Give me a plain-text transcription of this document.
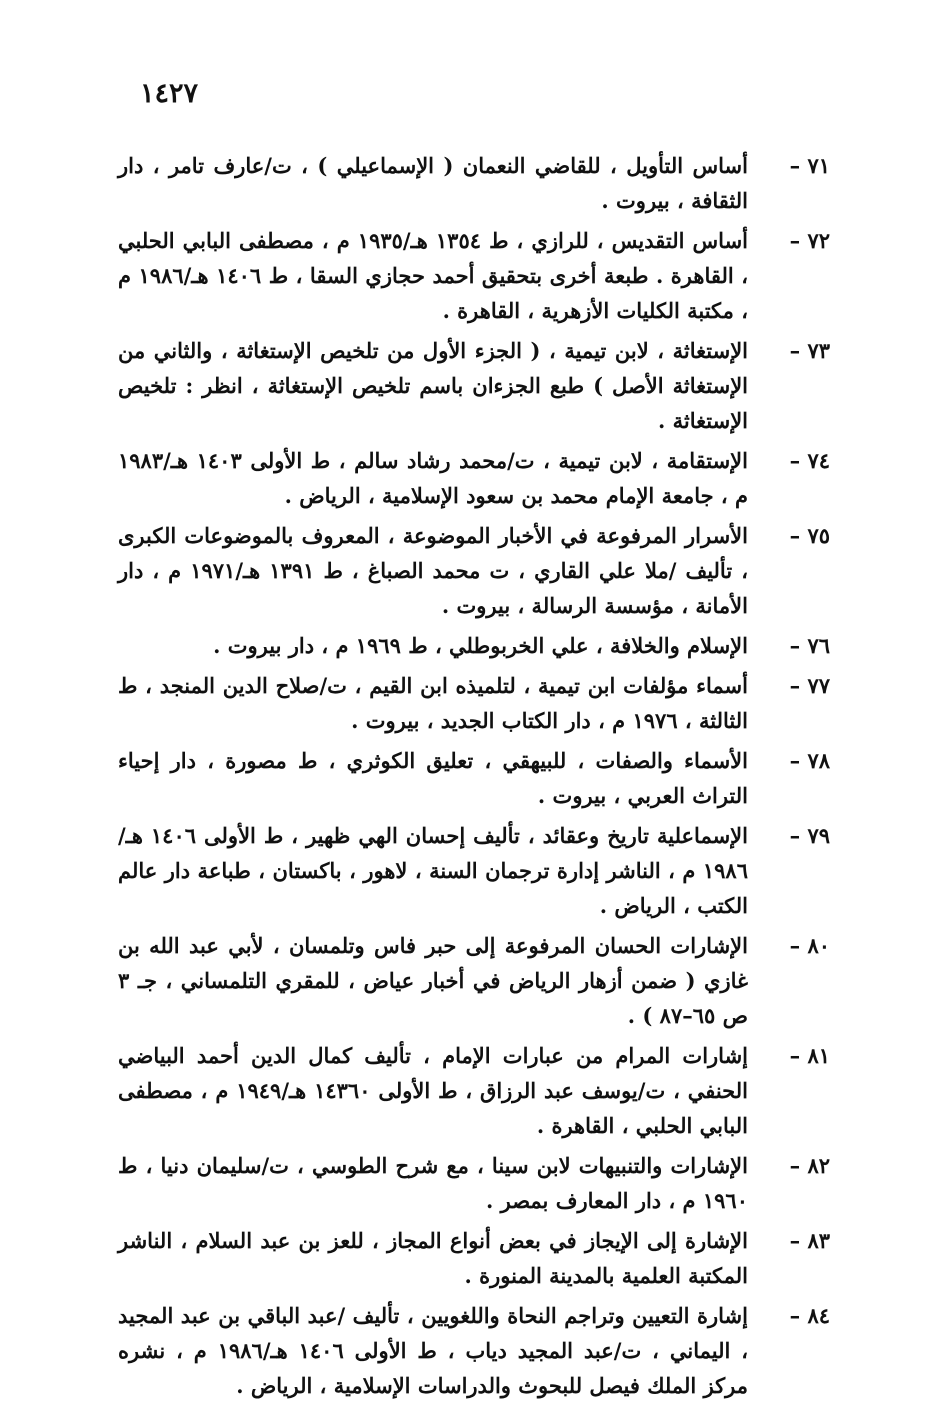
١٤٢٧
٧١ –
أساس التأويل ، للقاضي النعمان ( الإسماعيلي ) ، ت/عارف تامر ، دار الثقافة ، بيروت .
٧٢ –
أساس التقديس ، للرازي ، ط ١٣٥٤ هـ/١٩٣٥ م ، مصطفى البابي الحلبي ، القاهرة . طبعة أخرى بتحقيق أحمد حجازي السقا ، ط ١٤٠٦ هـ/١٩٨٦ م ، مكتبة الكليات الأزهرية ، القاهرة .
٧٣ –
الإستغاثة ، لابن تيمية ، ( الجزء الأول من تلخيص الإستغاثة ، والثاني من الإستغاثة الأصل ) طبع الجزءان باسم تلخيص الإستغاثة ، انظر : تلخيص الإستغاثة .
٧٤ –
الإستقامة ، لابن تيمية ، ت/محمد رشاد سالم ، ط الأولى ١٤٠٣ هـ/١٩٨٣ م ، جامعة الإمام محمد بن سعود الإسلامية ، الرياض .
٧٥ –
الأسرار المرفوعة في الأخبار الموضوعة ، المعروف بالموضوعات الكبرى ، تأليف /ملا علي القاري ، ت محمد الصباغ ، ط ١٣٩١ هـ/١٩٧١ م ، دار الأمانة ، مؤسسة الرسالة ، بيروت .
٧٦ –
الإسلام والخلافة ، علي الخربوطلي ، ط ١٩٦٩ م ، دار بيروت .
٧٧ –
أسماء مؤلفات ابن تيمية ، لتلميذه ابن القيم ، ت/صلاح الدين المنجد ، ط الثالثة ، ١٩٧٦ م ، دار الكتاب الجديد ، بيروت .
٧٨ –
الأسماء والصفات ، للبيهقي ، تعليق الكوثري ، ط مصورة ، دار إحياء التراث العربي ، بيروت .
٧٩ –
الإسماعلية تاريخ وعقائد ، تأليف إحسان الهي ظهير ، ط الأولى ١٤٠٦ هـ/١٩٨٦ م ، الناشر إدارة ترجمان السنة ، لاهور ، باكستان ، طباعة دار عالم الكتب ، الرياض .
٨٠ –
الإشارات الحسان المرفوعة إلى حبر فاس وتلمسان ، لأبي عبد الله بن غازي ( ضمن أزهار الرياض في أخبار عياض ، للمقري التلمساني ، جـ ٣ ص ٦٥–٨٧ ) .
٨١ –
إشارات المرام من عبارات الإمام ، تأليف كمال الدين أحمد البياضي الحنفي ، ت/يوسف عبد الرزاق ، ط الأولى ١٤٣٦٠ هـ/١٩٤٩ م ، مصطفى البابي الحلبي ، القاهرة .
٨٢ –
الإشارات والتنبيهات لابن سينا ، مع شرح الطوسي ، ت/سليمان دنيا ، ط ١٩٦٠ م ، دار المعارف بمصر .
٨٣ –
الإشارة إلى الإيجاز في بعض أنواع المجاز ، للعز بن عبد السلام ، الناشر المكتبة العلمية بالمدينة المنورة .
٨٤ –
إشارة التعيين وتراجم النحاة واللغويين ، تأليف /عبد الباقي بن عبد المجيد ، اليماني ، ت/عبد المجيد دياب ، ط الأولى ١٤٠٦ هـ/١٩٨٦ م ، نشره مركز الملك فيصل للبحوث والدراسات الإسلامية ، الرياض .
